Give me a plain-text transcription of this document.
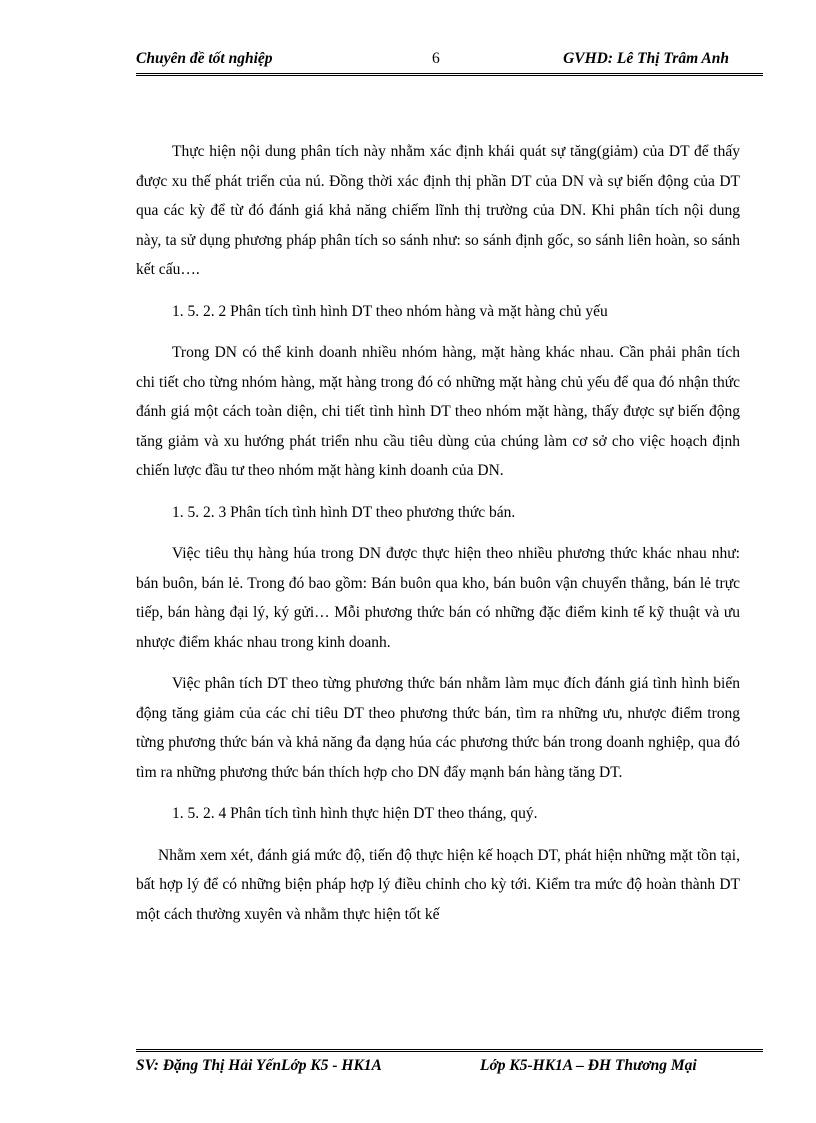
Chuyên đề tốt nghiệp	6	GVHD: Lê Thị Trâm Anh

Thực hiện nội dung phân tích này nhằm xác định khái quát sự tăng(giảm) của DT để thấy được xu thế phát triển của nú. Đồng thời xác định thị phần DT của DN và sự biến động của DT qua các kỳ để từ đó đánh giá khả năng chiếm lĩnh thị trường của DN. Khi phân tích nội dung này, ta sử dụng phương pháp phân tích so sánh như: so sánh định gốc, so sánh liên hoàn, so sánh kết cấu….

1. 5. 2. 2 Phân tích tình hình DT theo nhóm hàng và mặt hàng chủ yếu

Trong DN có thể kinh doanh nhiều nhóm hàng, mặt hàng khác nhau. Cần phải phân tích chi tiết cho từng nhóm hàng, mặt hàng trong đó có những mặt hàng chủ yếu để qua đó nhận thức đánh giá một cách toàn diện, chi tiết tình hình DT theo nhóm mặt hàng, thấy được sự biến động tăng giảm và xu hướng phát triển nhu cầu tiêu dùng của chúng làm cơ sở cho việc hoạch định chiến lược đầu tư theo nhóm mặt hàng kinh doanh của DN.

1. 5. 2. 3 Phân tích tình hình DT theo phương thức bán.

Việc tiêu thụ hàng húa trong DN được thực hiện theo nhiều phương thức khác nhau như: bán buôn, bán lẻ. Trong đó bao gồm: Bán buôn qua kho, bán buôn vận chuyển thẳng, bán lẻ trực tiếp, bán hàng đại lý, ký gửi… Mỗi phương thức bán có những đặc điểm kinh tế kỹ thuật và ưu nhược điểm khác nhau trong kinh doanh.

Việc phân tích DT theo từng phương thức bán nhằm làm mục đích đánh giá tình hình biến động tăng giảm của các chỉ tiêu DT theo phương thức bán, tìm ra những ưu, nhược điểm trong từng phương thức bán và khả năng đa dạng húa các phương thức bán trong doanh nghiệp, qua đó tìm ra những phương thức bán thích hợp cho DN đẩy mạnh bán hàng tăng DT.

1. 5. 2. 4 Phân tích tình hình thực hiện DT theo tháng, quý.

Nhằm xem xét, đánh giá mức độ, tiến độ thực hiện kế hoạch DT, phát hiện những mặt tồn tại, bất hợp lý để có những biện pháp hợp lý điều chỉnh cho kỳ tới. Kiểm tra mức độ hoàn thành DT một cách thường xuyên và nhằm thực hiện tốt kế

SV: Đặng Thị Hải YếnLớp K5 - HK1A	Lớp K5-HK1A – ĐH Thương Mại
